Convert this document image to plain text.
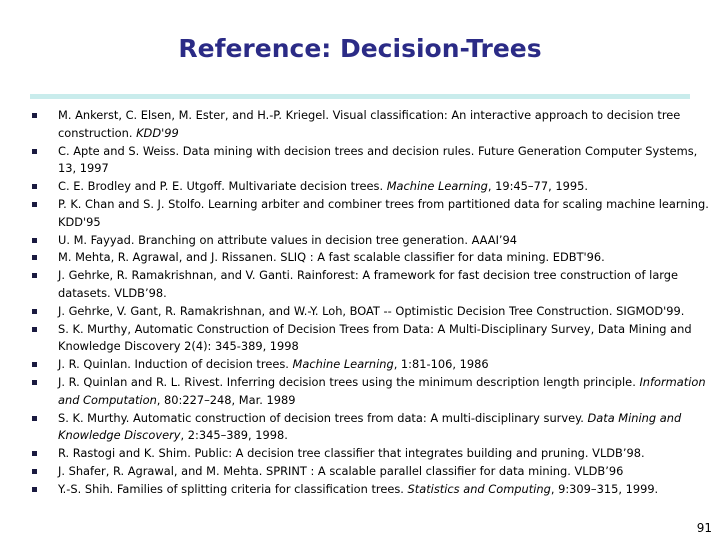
Reference: Decision-Trees
M. Ankerst, C. Elsen, M. Ester, and H.-P. Kriegel. Visual classification: An interactive approach to decision tree
construction. KDD'99
C. Apte and S. Weiss. Data mining with decision trees and decision rules. Future Generation Computer Systems,
13, 1997
C. E. Brodley and P. E. Utgoff. Multivariate decision trees. Machine Learning, 19:45–77, 1995.
P. K. Chan and S. J. Stolfo. Learning arbiter and combiner trees from partitioned data for scaling machine learning.
KDD'95
U. M. Fayyad. Branching on attribute values in decision tree generation. AAAI’94
M. Mehta, R. Agrawal, and J. Rissanen. SLIQ : A fast scalable classifier for data mining. EDBT'96.
J. Gehrke, R. Ramakrishnan, and V. Ganti. Rainforest: A framework for fast decision tree construction of large
datasets. VLDB’98.
J. Gehrke, V. Gant, R. Ramakrishnan, and W.-Y. Loh, BOAT -- Optimistic Decision Tree Construction. SIGMOD'99.
S. K. Murthy, Automatic Construction of Decision Trees from Data: A Multi-Disciplinary Survey, Data Mining and
Knowledge Discovery 2(4): 345-389, 1998
J. R. Quinlan. Induction of decision trees. Machine Learning, 1:81-106, 1986
J. R. Quinlan and R. L. Rivest. Inferring decision trees using the minimum description length principle. Information
and Computation, 80:227–248, Mar. 1989
S. K. Murthy. Automatic construction of decision trees from data: A multi-disciplinary survey. Data Mining and
Knowledge Discovery, 2:345–389, 1998.
R. Rastogi and K. Shim. Public: A decision tree classifier that integrates building and pruning. VLDB’98.
J. Shafer, R. Agrawal, and M. Mehta. SPRINT : A scalable parallel classifier for data mining. VLDB’96
Y.-S. Shih. Families of splitting criteria for classification trees. Statistics and Computing, 9:309–315, 1999.
91
